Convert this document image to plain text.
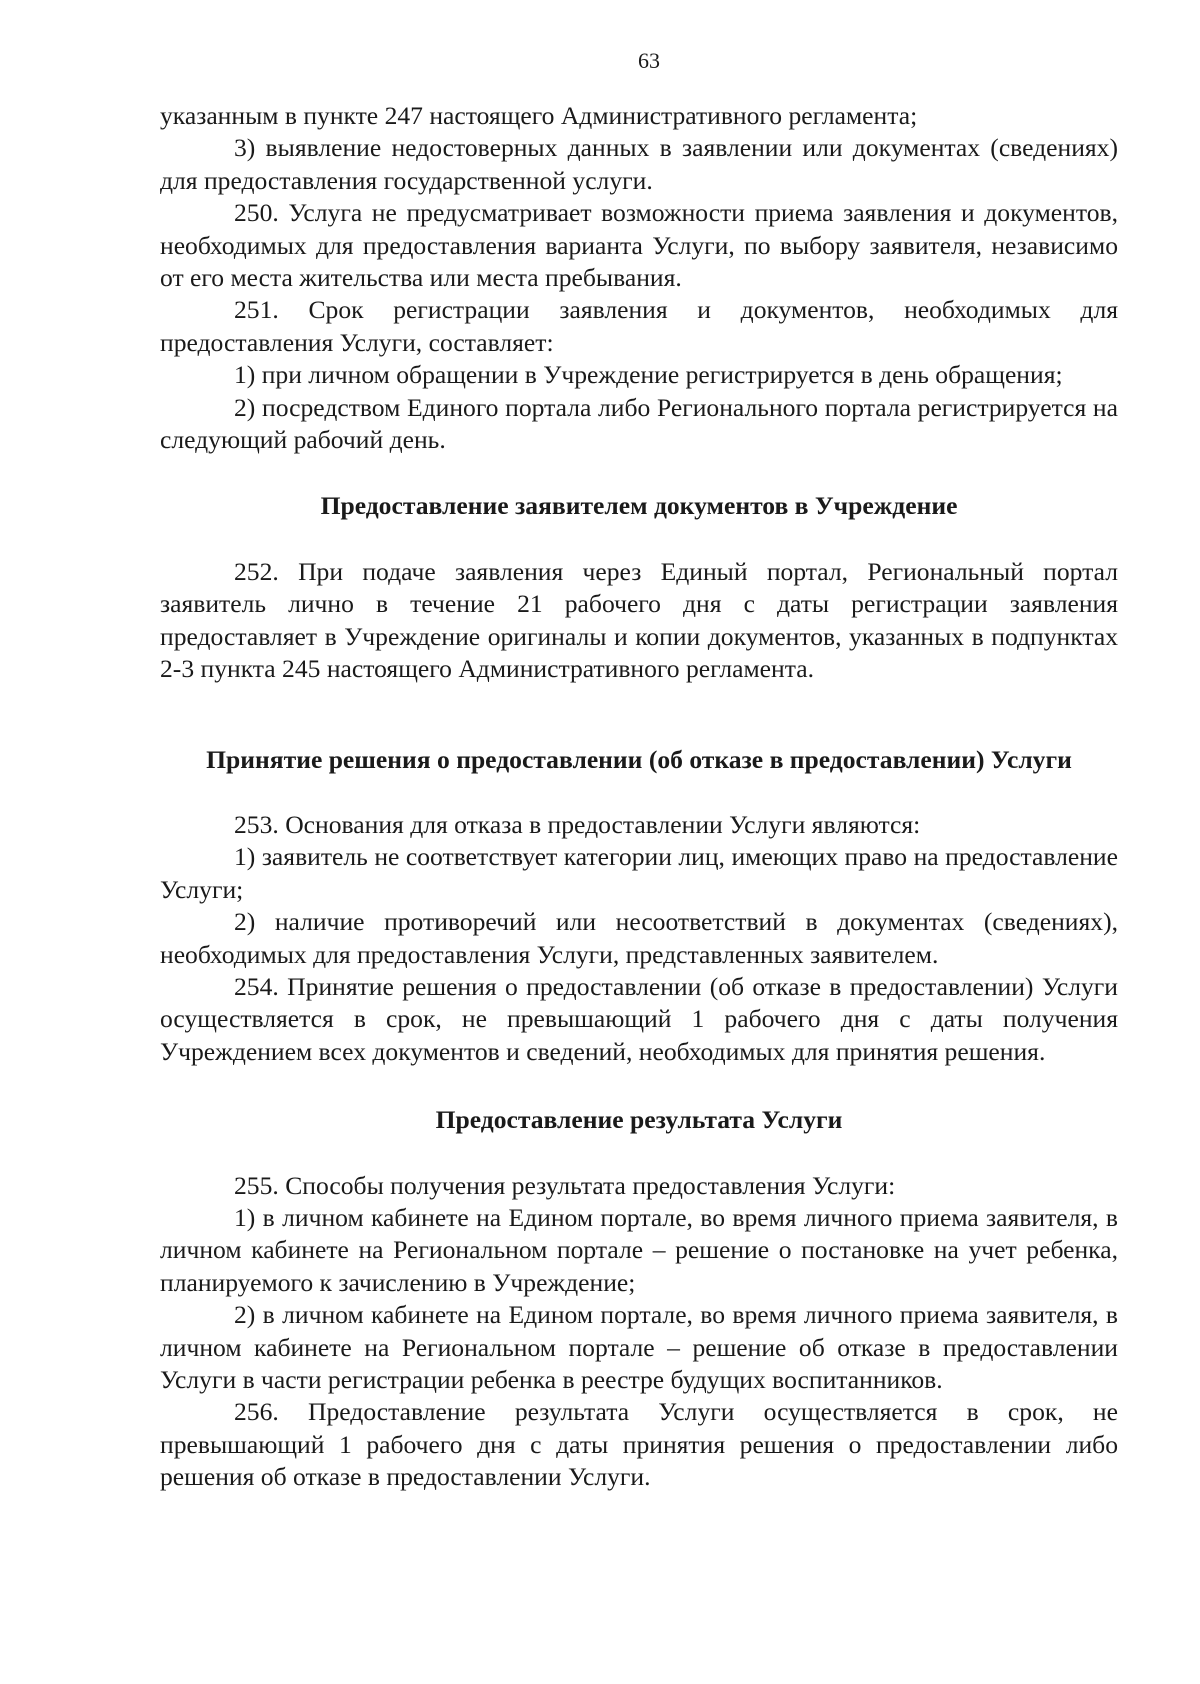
63

указанным в пункте 247 настоящего Административного регламента;

3) выявление недостоверных данных в заявлении или документах (сведениях) для предоставления государственной услуги.

250. Услуга не предусматривает возможности приема заявления и документов, необходимых для предоставления варианта Услуги, по выбору заявителя, независимо от его места жительства или места пребывания.

251. Срок регистрации заявления и документов, необходимых для предоставления Услуги, составляет:

1) при личном обращении в Учреждение регистрируется в день обращения;

2) посредством Единого портала либо Регионального портала регистрируется на следующий рабочий день.

Предоставление заявителем документов в Учреждение

252. При подаче заявления через Единый портал, Региональный портал заявитель лично в течение 21 рабочего дня с даты регистрации заявления предоставляет в Учреждение оригиналы и копии документов, указанных в подпунктах 2-3 пункта 245 настоящего Административного регламента.

Принятие решения о предоставлении (об отказе в предоставлении) Услуги

253. Основания для отказа в предоставлении Услуги являются:

1) заявитель не соответствует категории лиц, имеющих право на предоставление Услуги;

2) наличие противоречий или несоответствий в документах (сведениях), необходимых для предоставления Услуги, представленных заявителем.

254. Принятие решения о предоставлении (об отказе в предоставлении) Услуги осуществляется в срок, не превышающий 1 рабочего дня с даты получения Учреждением всех документов и сведений, необходимых для принятия решения.

Предоставление результата Услуги

255. Способы получения результата предоставления Услуги:

1) в личном кабинете на Едином портале, во время личного приема заявителя, в личном кабинете на Региональном портале – решение о постановке на учет ребенка, планируемого к зачислению в Учреждение;

2) в личном кабинете на Едином портале, во время личного приема заявителя, в личном кабинете на Региональном портале – решение об отказе в предоставлении Услуги в части регистрации ребенка в реестре будущих воспитанников.

256. Предоставление результата Услуги осуществляется в срок, не превышающий 1 рабочего дня с даты принятия решения о предоставлении либо решения об отказе в предоставлении Услуги.
